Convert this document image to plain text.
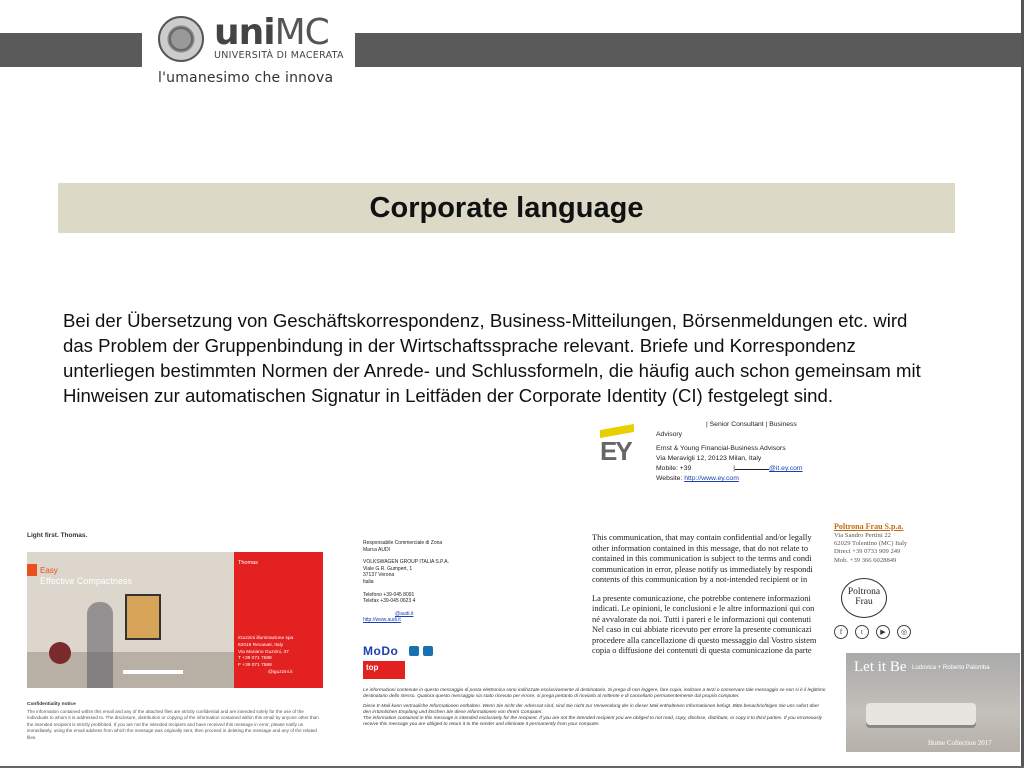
uniMC
UNIVERSITÀ DI MACERATA
l'umanesimo che innova
Corporate language
Bei der Übersetzung von Geschäftskorrespondenz, Business-Mitteilungen, Börsenmeldungen etc. wird das Problem der Gruppenbindung in der Wirtschaftssprache relevant. Briefe und Korrespondenz unterliegen bestimmten Normen der Anrede- und Schlussformeln, die häufig auch schon gemeinsam mit Hinweisen zur automatischen Signatur in Leitfäden der Corporate Identity (CI) festgelegt sind.
EY
| Senior Consultant | Business
Advisory
Ernst & Young Financial-Business Advisors
Via Meravigli 12, 20123 Milan, Italy
Mobile: +39	|	@it.ey.com
Website: http://www.ey.com
Light first. Thomas.
Easy
Effective Compactness
Thomas
iGuzzini illuminazione spa
62019 Recanati, Italy
Via Mariano Guzzini, 37
T +39 071 7588
F +39 071 7588
@iguzzini.it
Confidentiality notice
The information contained within this email and any of the attached files are strictly confidential and are intended solely for the use of the individuals to whom it is addressed to. The disclosure, distribution or copying of the information contained within this email by anyone other than the intended recipient is strictly prohibited. If you are not the intended recipient and have received this message in error, please notify us immediately, using the email address from which the message was originally sent, then proceed in deleting the message and any of the related files.
Responsabile Commerciale di Zona
Marca AUDI
VOLKSWAGEN GROUP ITALIA S.P.A.
Viale G.R. Gumpert, 1
37137 Verona
Italia
Telefono +39-045 8091
Telefax +39-045 0623 4
@audi.it
http://www.audi.it
MoDo
top
Le informazioni contenute in questo messaggio di posta elettronica sono indirizzate esclusivamente al destinatario. Si prega di non leggere, fare copia, inoltrare a terzi o conservare tale messaggio se non si è il legittimo destinatario dello stesso. Qualora questo messaggio sia stato ricevuto per errore, si prega pertanto di rinviarlo al mittente e di cancellarlo permanentemente dal proprio computer.
Diese E-Mail kann vertrauliche Informationen enthalten. Wenn Sie nicht der Adressat sind, sind Sie nicht zur Verwendung der in dieser Mail enthaltenen Informationen befugt. Bitte benachrichtigen Sie uns sofort über den irrtümlichen Empfang und löschen Sie diese Informationen von Ihrem Computer.
The information contained in this message is intended exclusively for the recipient. If you are not the intended recipient you are obliged to not read, copy, disclose, distribute, or copy it to third parties. If you erroneously receive this message you are obliged to return it to the sender and eliminate it permanently from your computer.
This communication, that may contain confidential and/or legally
other information contained in this message, that do not relate to
contained in this communication is subject to the terms and condi
communication in error, please notify us immediately by respondi
contents of this communication by a not-intended recipient or in
La presente comunicazione, che potrebbe contenere informazioni
indicati. Le opinioni, le conclusioni e le altre informazioni qui con
né avvalorate da noi. Tutti i pareri e le informazioni qui contenuti
Nel caso in cui abbiate ricevuto per errore la presente comunicazi
procedere alla cancellazione di questo messaggio dal Vostro sistem
copia o diffusione dei contenuti di questa comunicazione da parte
Poltrona Frau S.p.a.
Via Sandro Pertini 22
62029 Tolentino (MC) Italy
Direct +39 0733 909 249
Mob. +39 366 6028849
Poltrona
Frau
f	t	▶	◎
Let it Be Ludovica + Roberto Palomba
Home Collection 2017
